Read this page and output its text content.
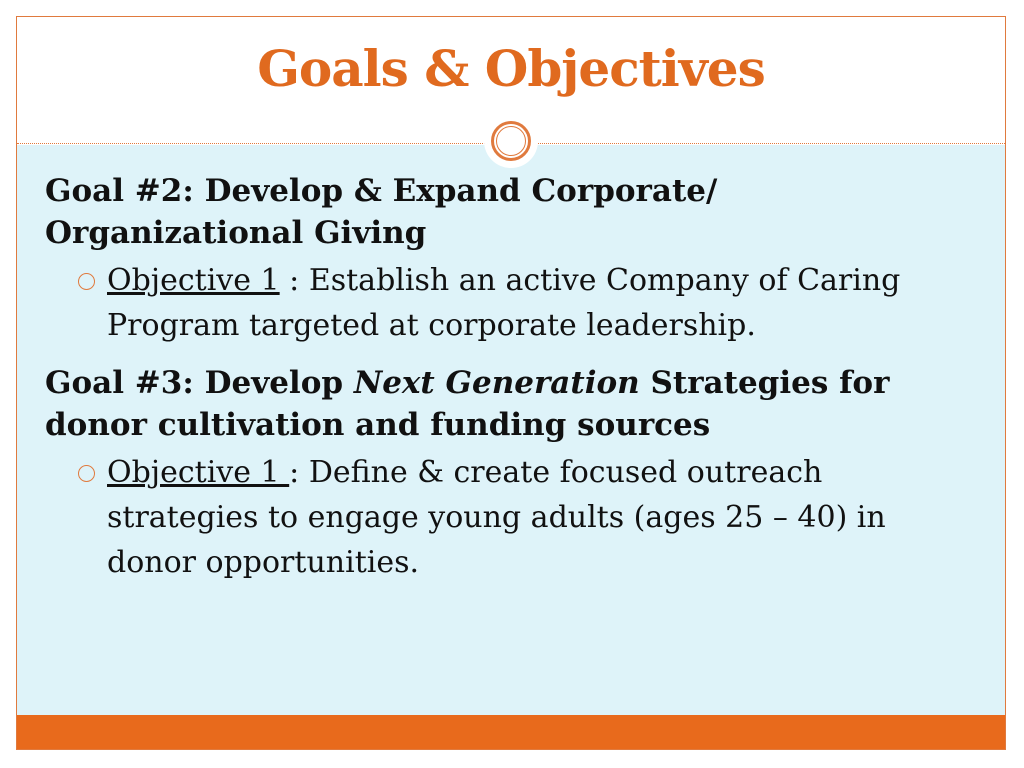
Goals & Objectives
Goal #2: Develop & Expand Corporate/
Organizational Giving
Objective 1 : Establish an active Company of Caring Program targeted at corporate leadership.
Goal #3: Develop Next Generation Strategies for donor cultivation and funding sources
Objective 1 : Define & create focused outreach strategies to engage young adults (ages 25 – 40) in donor opportunities.
